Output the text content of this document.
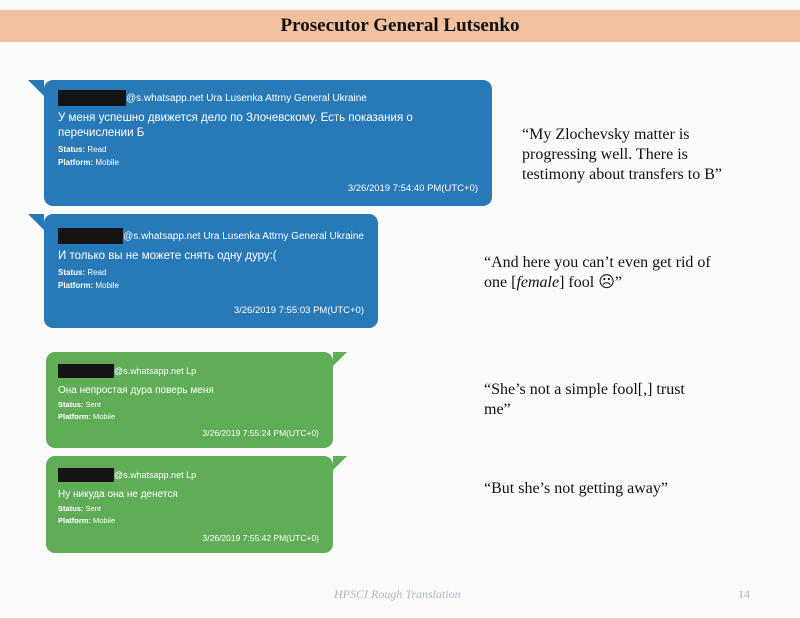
Prosecutor General Lutsenko
@s.whatsapp.net Ura Lusenka Attrny General Ukraine
У меня успешно движется дело по Злочевскому. Есть показания о перечислении Б
Status: Read
Platform: Mobile
3/26/2019 7:54:40 PM(UTC+0)
“My Zlochevsky matter is progressing well. There is testimony about transfers to B”
@s.whatsapp.net Ura Lusenka Attrny General Ukraine
И только вы не можете снять одну дуру:(
Status: Read
Platform: Mobile
3/26/2019 7:55:03 PM(UTC+0)
“And here you can’t even get rid of one [female] fool ☹”
@s.whatsapp.net Lp
Она непростая дура поверь меня
Status: Sent
Platform: Mobile
3/26/2019 7:55:24 PM(UTC+0)
“She’s not a simple fool[,] trust me”
@s.whatsapp.net Lp
Ну никуда она не денется
Status: Sent
Platform: Mobile
3/26/2019 7:55:42 PM(UTC+0)
“But she’s not getting away”
HPSCI Rough Translation	14
